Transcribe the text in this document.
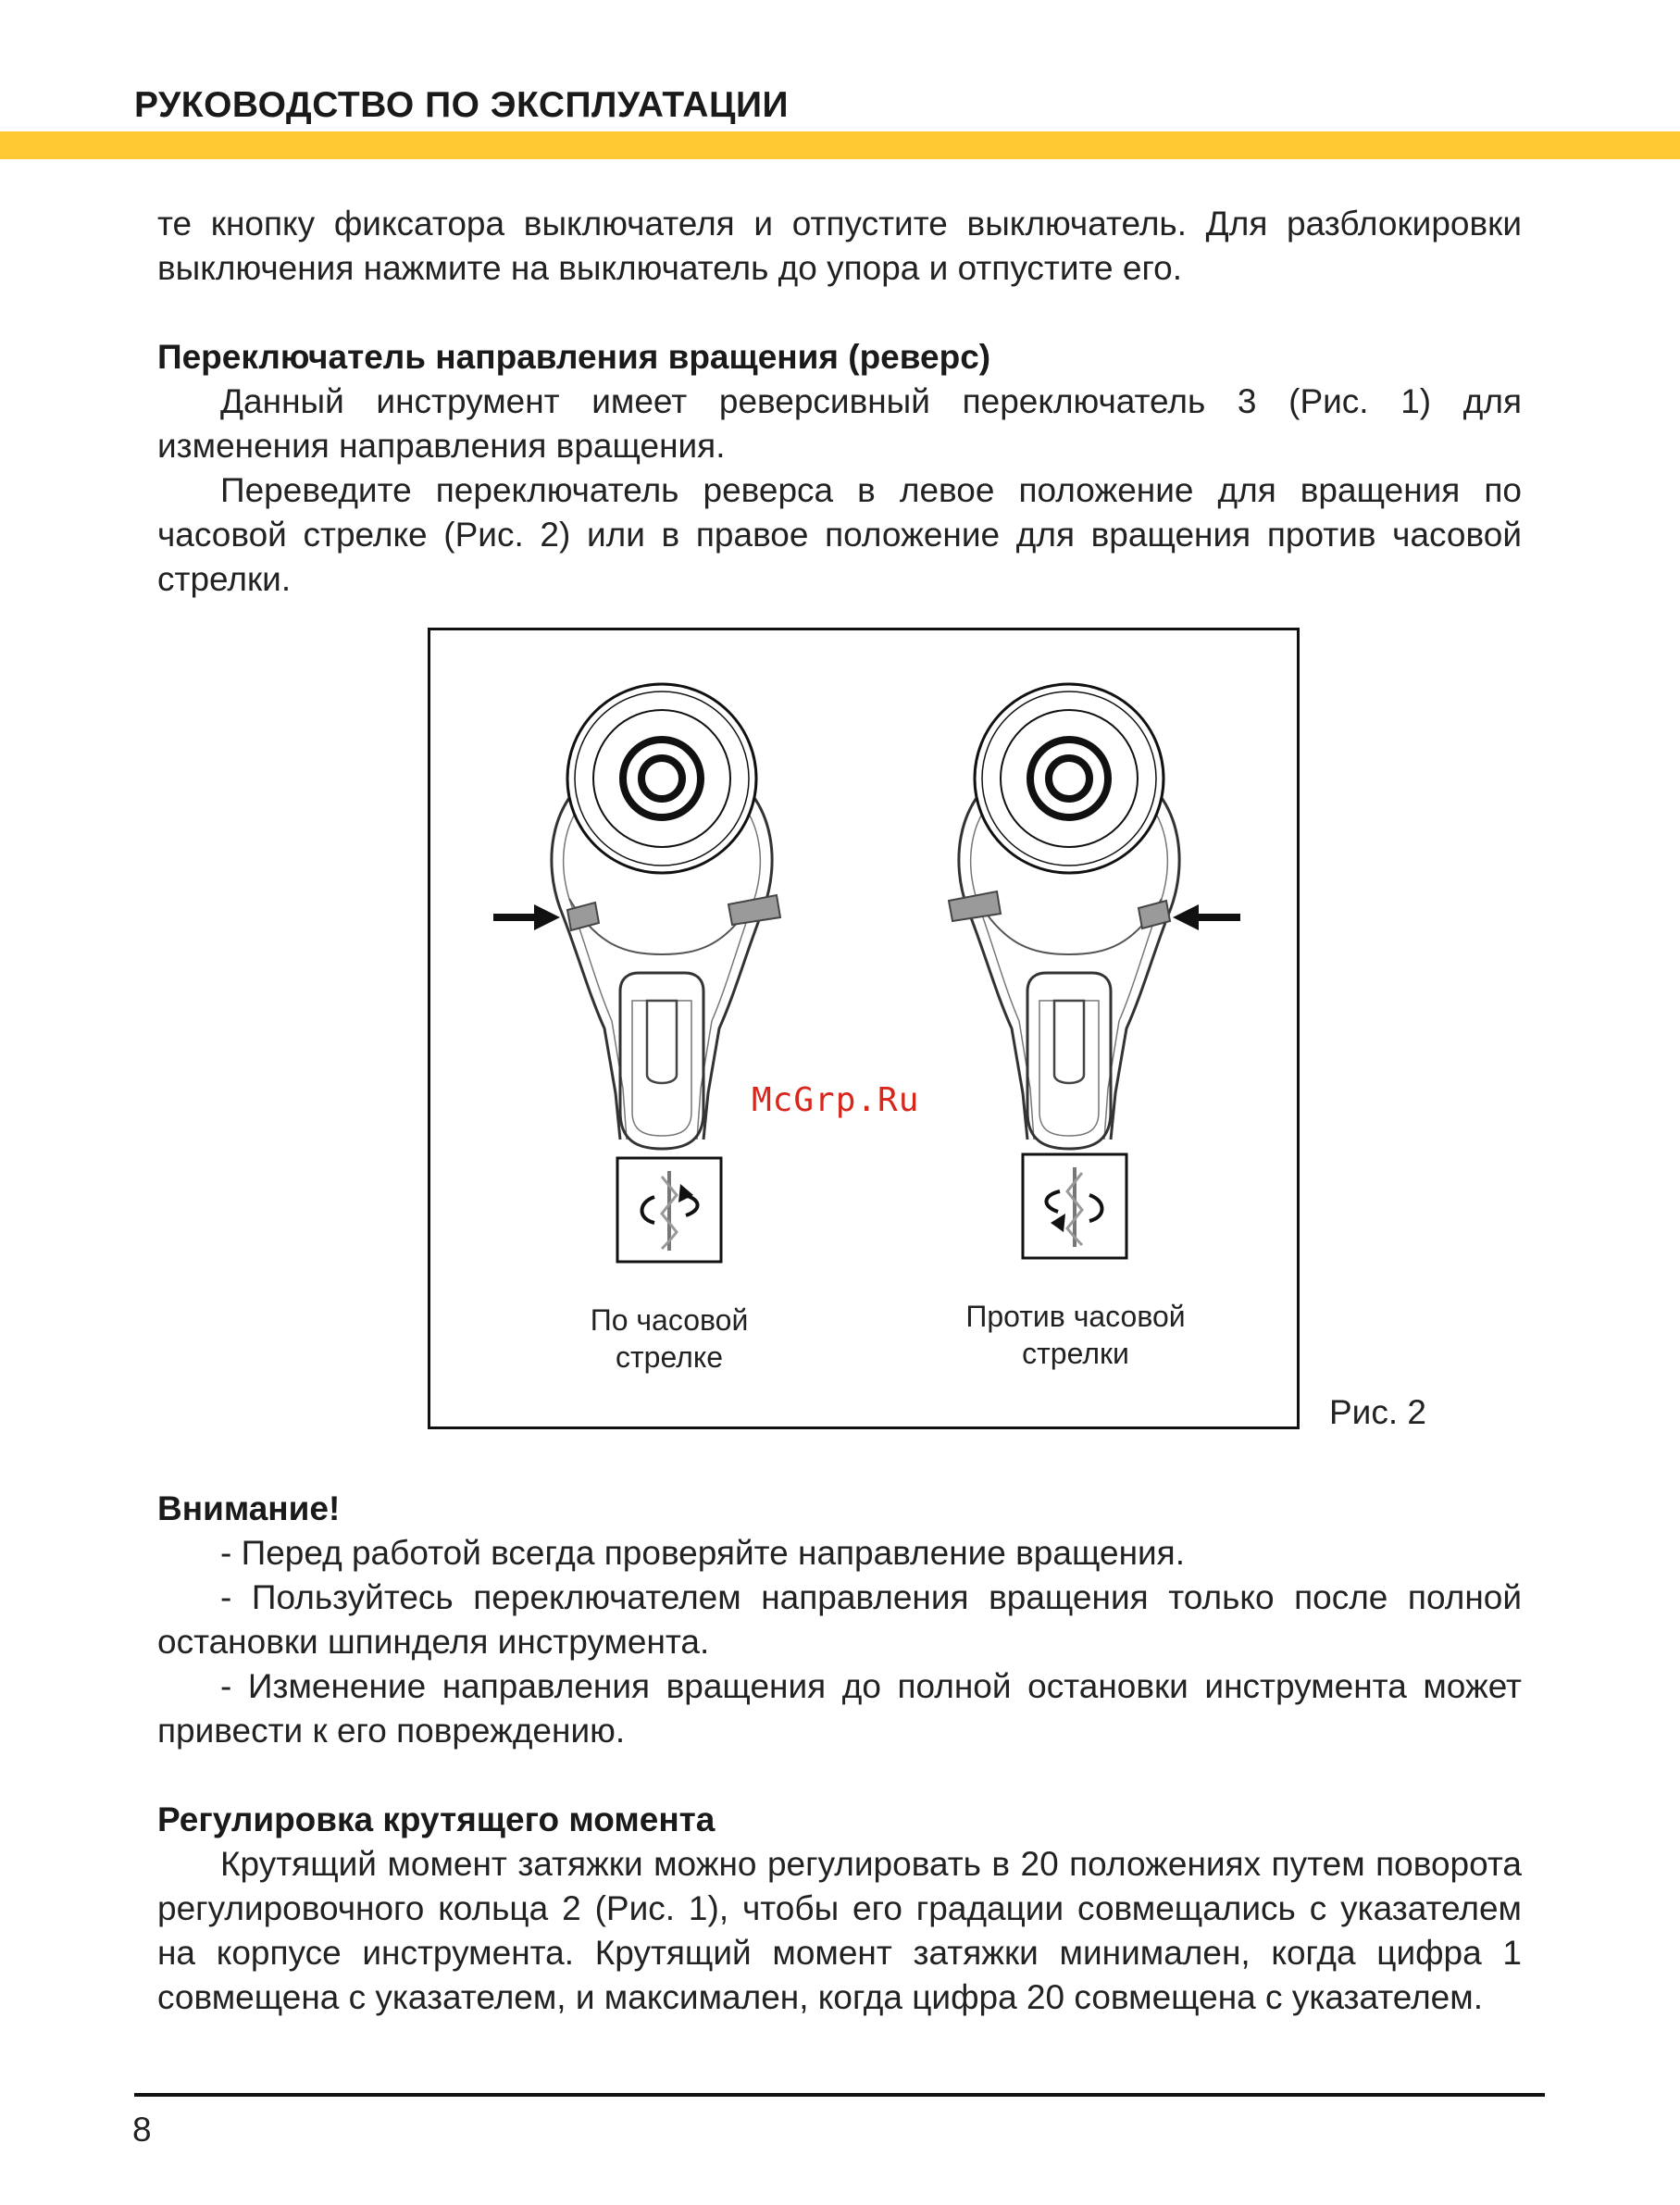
РУКОВОДСТВО ПО ЭКСПЛУАТАЦИИ

те кнопку фиксатора выключателя и отпустите выключатель. Для разблокировки выключения нажмите на выключатель до упора и отпустите его.

Переключатель направления вращения (реверс)

Данный инструмент имеет реверсивный переключатель 3 (Рис. 1) для изменения направления вращения.

Переведите переключатель реверса в левое положение для вращения по часовой стрелке (Рис. 2) или в правое положение для вращения против часовой стрелки.

По часовой
стрелке
Против часовой
стрелки
McGrp.Ru
Рис. 2

Внимание!

- Перед работой всегда проверяйте направление вращения.

- Пользуйтесь переключателем направления вращения только после полной остановки шпинделя инструмента.

- Изменение направления вращения до полной остановки инструмента может привести к его повреждению.

Регулировка крутящего момента

Крутящий момент затяжки можно регулировать в 20 положениях путем поворота регулировочного кольца 2 (Рис. 1), чтобы его градации совмещались с указателем на корпусе инструмента. Крутящий момент затяжки минимален, когда цифра 1 совмещена с указателем, и максимален, когда цифра 20 совмещена с указателем.

8
